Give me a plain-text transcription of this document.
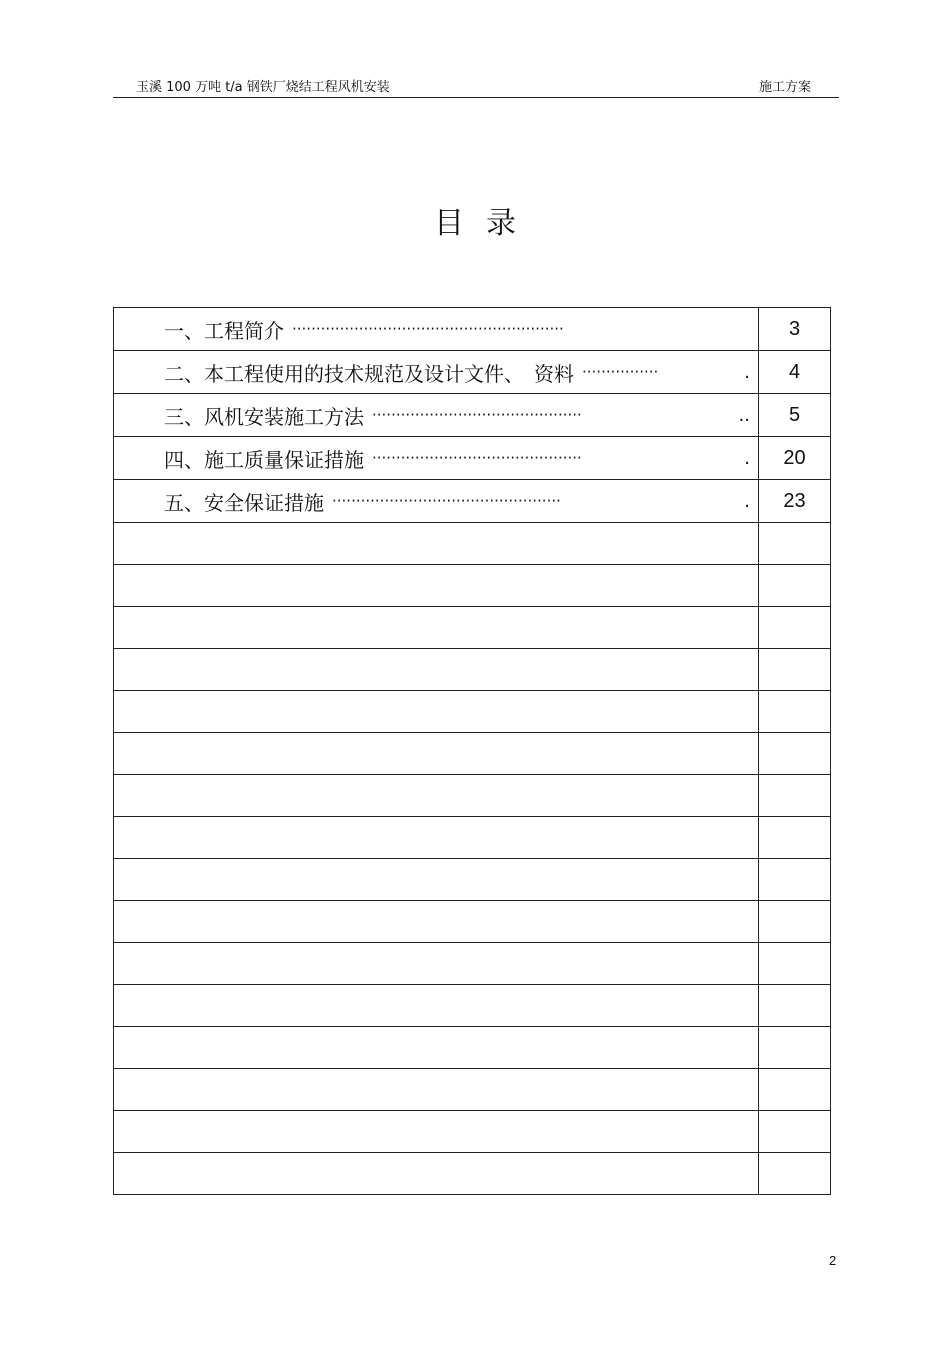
玉溪 100 万吨 t/a 钢铁厂烧结工程风机安装	施工方案
目录
一、工程简介 ·························································	3

二、本工程使用的技术规范及设计文件、　资料 ················ .	4

三、风机安装施工方法 ············································ ..	5

四、施工质量保证措施 ············································ .	20

五、安全保证措施 ················································ .	23

2
